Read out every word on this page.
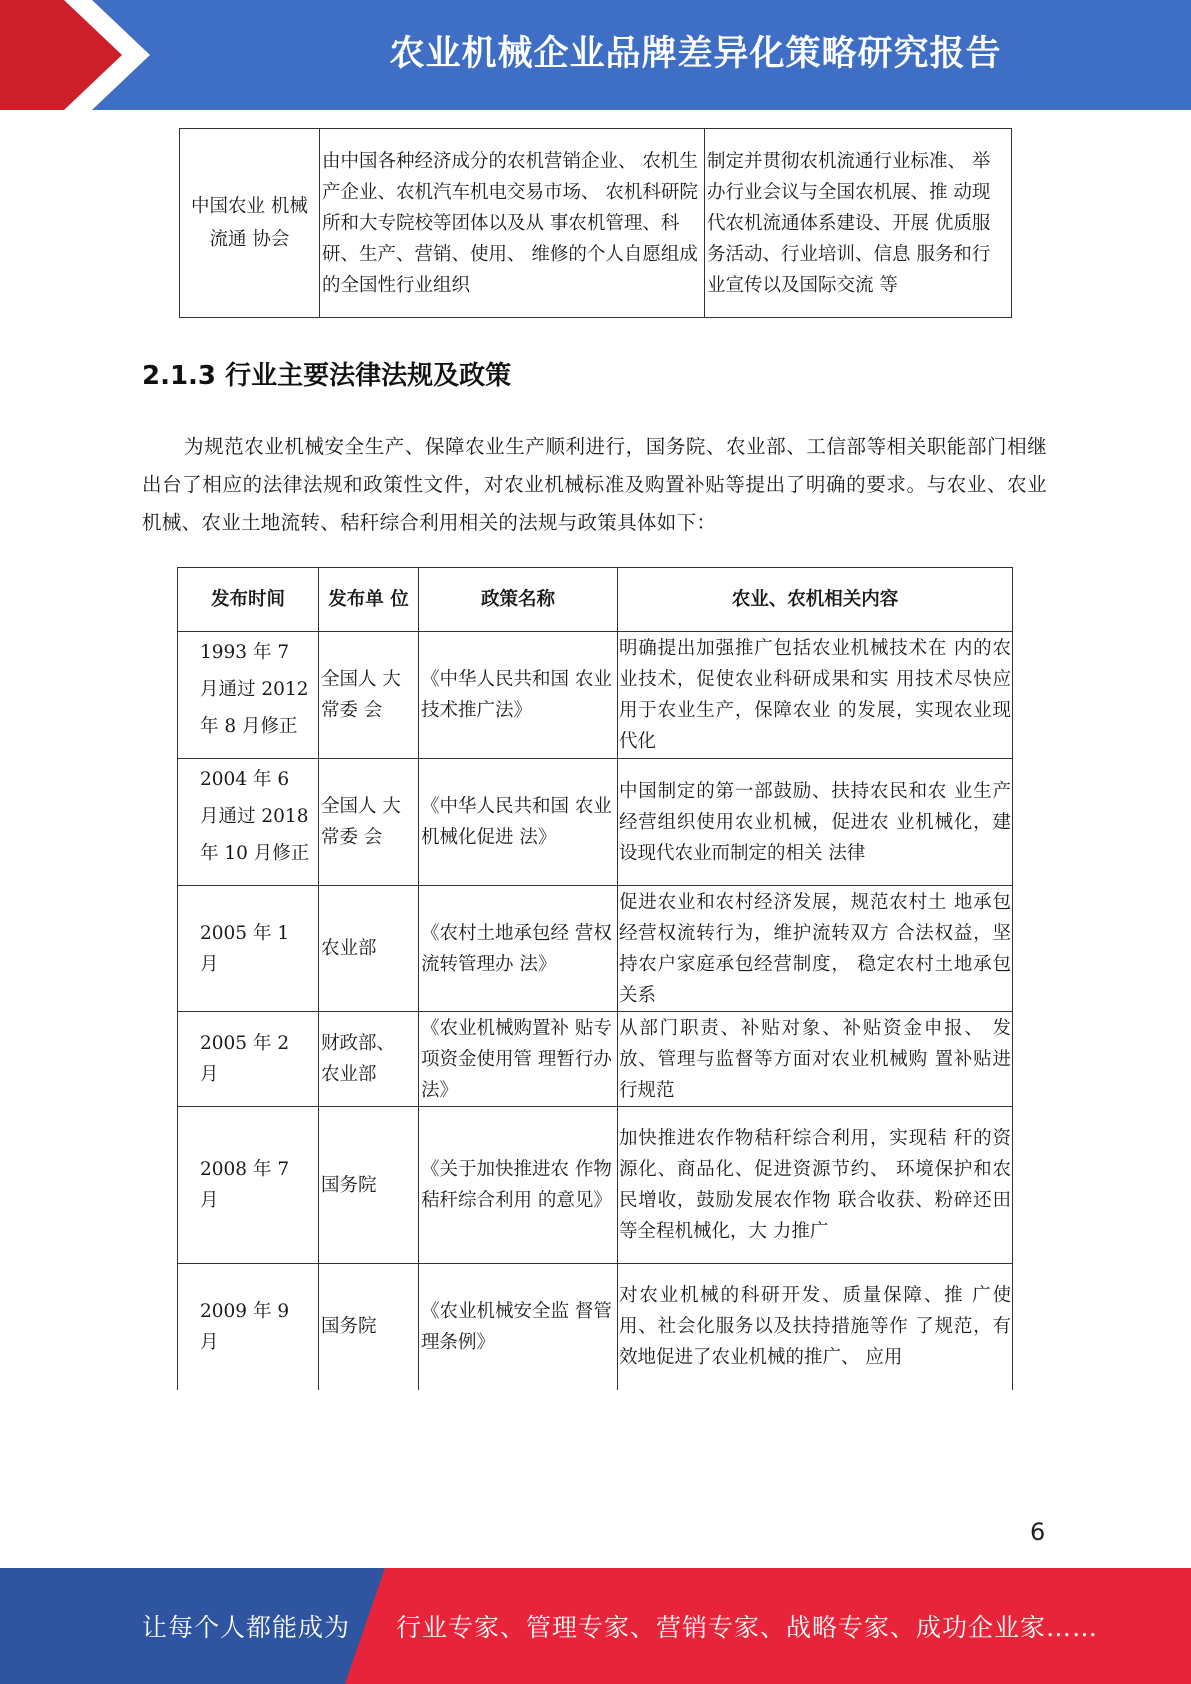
农业机械企业品牌差异化策略研究报告
中国农业 机械流通 协会	由中国各种经济成分的农机营销企业、 农机生产企业、农机汽车机电交易市场、 农机科研院所和大专院校等团体以及从 事农机管理、科研、生产、营销、使用、 维修的个人自愿组成的全国性行业组织	制定并贯彻农机流通行业标准、 举办行业会议与全国农机展、推 动现代农机流通体系建设、开展 优质服务活动、行业培训、信息 服务和行业宣传以及国际交流 等
2.1.3 行业主要法律法规及政策
为规范农业机械安全生产、保障农业生产顺利进行，国务院、农业部、工信部等相关职能部门相继出台了相应的法律法规和政策性文件，对农业机械标准及购置补贴等提出了明确的要求。与农业、农业机械、农业土地流转、秸秆综合利用相关的法规与政策具体如下：
发布时间	发布单 位	政策名称	农业、农机相关内容

1993 年 7 月通过 2012 年 8 月修正	全国人 大常委 会	《中华人民共和国 农业技术推广法》	明确提出加强推广包括农业机械技术在 内的农业技术，促使农业科研成果和实 用技术尽快应用于农业生产，保障农业 的发展，实现农业现代化

2004 年 6 月通过 2018 年 10 月修正	全国人 大常委 会	《中华人民共和国 农业机械化促进 法》	中国制定的第一部鼓励、扶持农民和农 业生产经营组织使用农业机械，促进农 业机械化，建设现代农业而制定的相关 法律
2005 年 1 月	农业部	《农村土地承包经 营权流转管理办 法》	促进农业和农村经济发展，规范农村土 地承包经营权流转行为，维护流转双方 合法权益，坚持农户家庭承包经营制度， 稳定农村土地承包关系
2005 年 2 月	财政部、 农业部	《农业机械购置补 贴专项资金使用管 理暂行办法》	从部门职责、补贴对象、补贴资金申报、 发放、管理与监督等方面对农业机械购 置补贴进行规范
2008 年 7 月	国务院	《关于加快推进农 作物秸秆综合利用 的意见》	加快推进农作物秸秆综合利用，实现秸 秆的资源化、商品化、促进资源节约、 环境保护和农民增收，鼓励发展农作物 联合收获、粉碎还田等全程机械化，大 力推广
2009 年 9 月	国务院	《农业机械安全监 督管理条例》	对农业机械的科研开发、质量保障、推 广使用、社会化服务以及扶持措施等作 了规范，有效地促进了农业机械的推广、 应用
6
让每个人都能成为 行业专家、管理专家、营销专家、战略专家、成功企业家……
